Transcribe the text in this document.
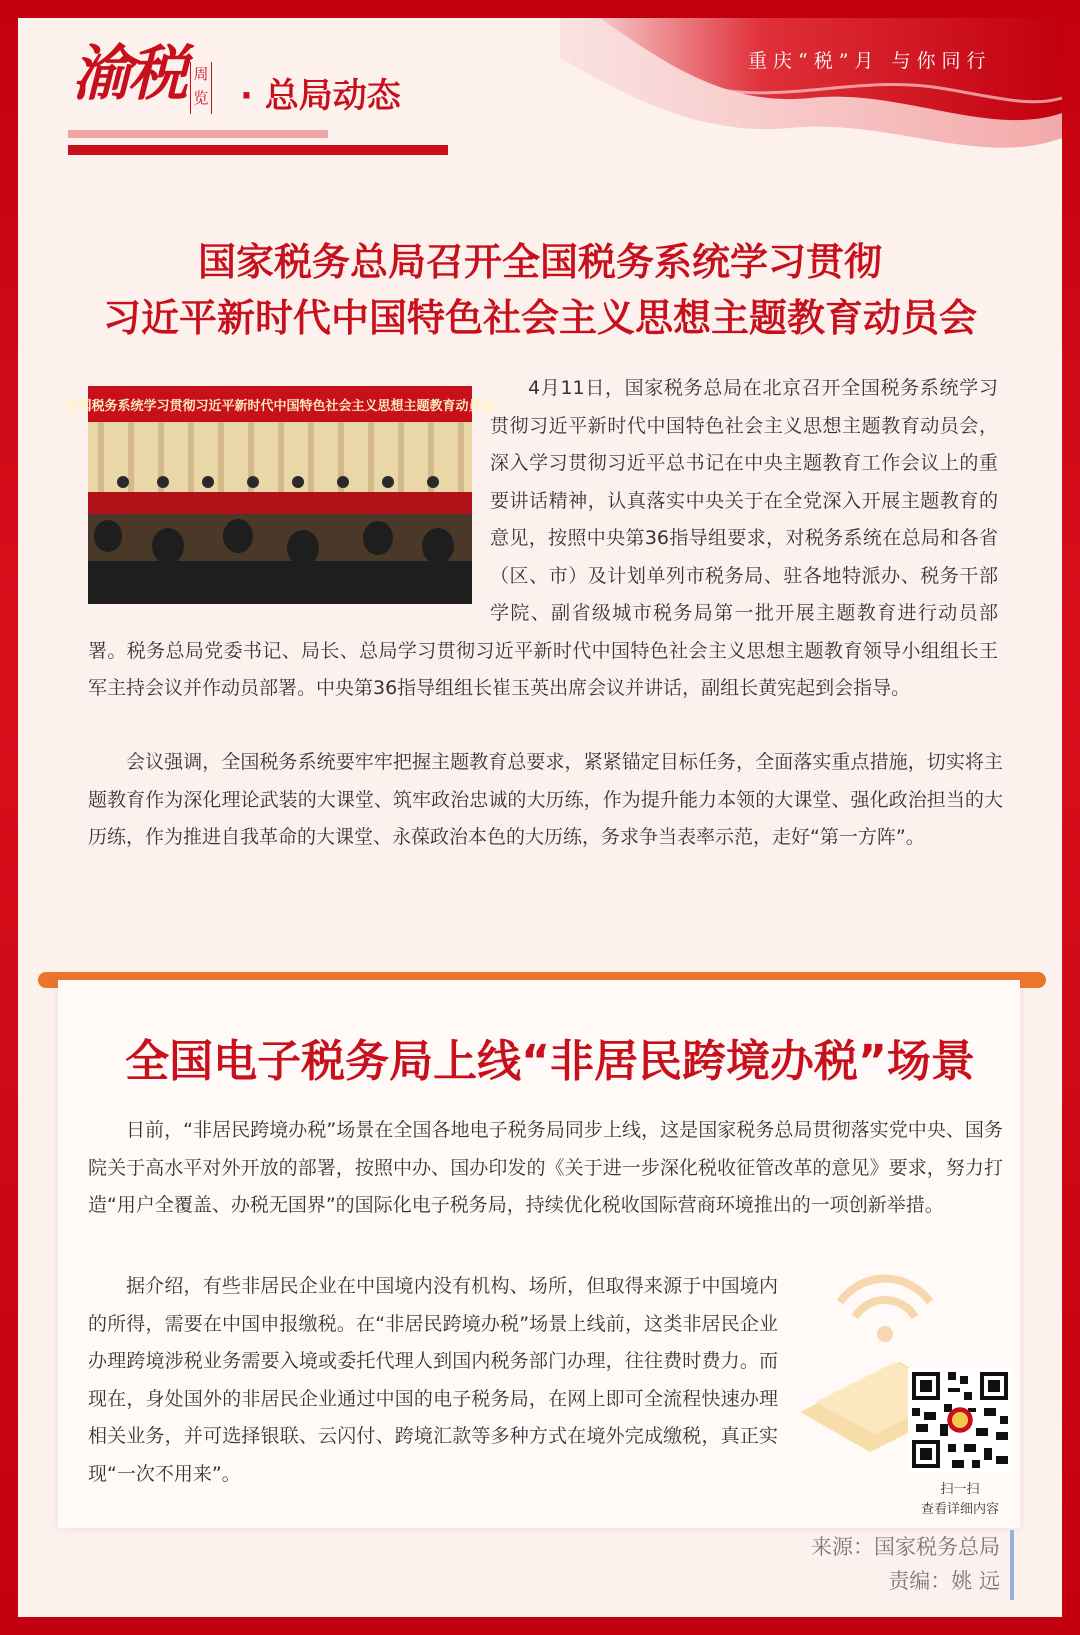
重庆“税”月 与你同行
渝税 周览 · 总局动态
国家税务总局召开全国税务系统学习贯彻
习近平新时代中国特色社会主义思想主题教育动员会
全国税务系统学习贯彻习近平新时代中国特色社会主义思想主题教育动员会

4月11日，国家税务总局在北京召开全国税务系统学习贯彻习近平新时代中国特色社会主义思想主题教育动员会，深入学习贯彻习近平总书记在中央主题教育工作会议上的重要讲话精神，认真落实中央关于在全党深入开展主题教育的意见，按照中央第36指导组要求，对税务系统在总局和各省（区、市）及计划单列市税务局、驻各地特派办、税务干部学院、副省级城市税务局第一批开展主题教育进行动员部署。税务总局党委书记、局长、总局学习贯彻习近平新时代中国特色社会主义思想主题教育领导小组组长王军主持会议并作动员部署。中央第36指导组组长崔玉英出席会议并讲话，副组长黄宪起到会指导。

会议强调，全国税务系统要牢牢把握主题教育总要求，紧紧锚定目标任务，全面落实重点措施，切实将主题教育作为深化理论武装的大课堂、筑牢政治忠诚的大历练，作为提升能力本领的大课堂、强化政治担当的大历练，作为推进自我革命的大课堂、永葆政治本色的大历练，务求争当表率示范，走好“第一方阵”。
全国电子税务局上线“非居民跨境办税”场景
日前，“非居民跨境办税”场景在全国各地电子税务局同步上线，这是国家税务总局贯彻落实党中央、国务院关于高水平对外开放的部署，按照中办、国办印发的《关于进一步深化税收征管改革的意见》要求，努力打造“用户全覆盖、办税无国界”的国际化电子税务局，持续优化税收国际营商环境推出的一项创新举措。
据介绍，有些非居民企业在中国境内没有机构、场所，但取得来源于中国境内的所得，需要在中国申报缴税。在“非居民跨境办税”场景上线前，这类非居民企业办理跨境涉税业务需要入境或委托代理人到国内税务部门办理，往往费时费力。而现在，身处国外的非居民企业通过中国的电子税务局，在网上即可全流程快速办理相关业务，并可选择银联、云闪付、跨境汇款等多种方式在境外完成缴税，真正实现“一次不用来”。
扫一扫
查看详细内容
来源：国家税务总局
责编：姚 远
